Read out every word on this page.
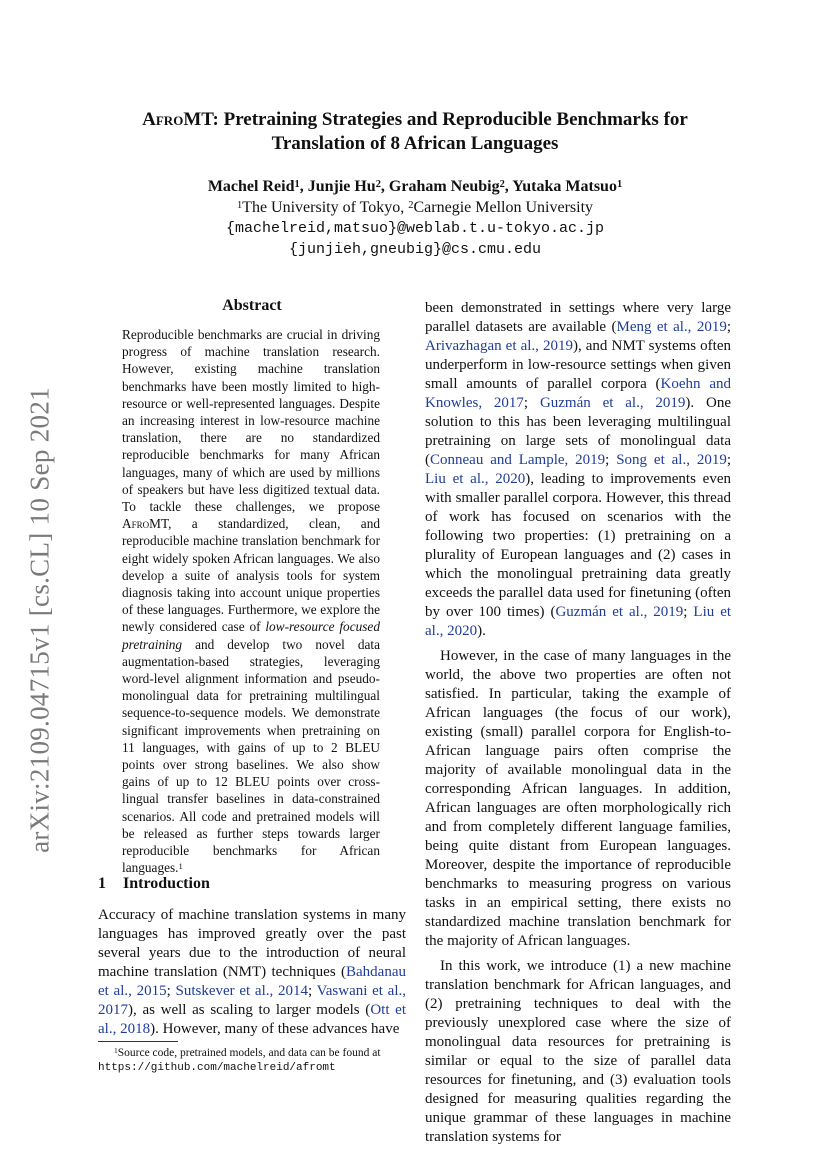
arXiv:2109.04715v1 [cs.CL] 10 Sep 2021
AfroMT: Pretraining Strategies and Reproducible Benchmarks for
Translation of 8 African Languages
Machel Reid$^1$, Junjie Hu$^2$, Graham Neubig$^2$, Yutaka Matsuo$^1$
$^1$The University of Tokyo, $^2$Carnegie Mellon University
{machelreid,matsuo}@weblab.t.u-tokyo.ac.jp
{junjieh,gneubig}@cs.cmu.edu
Abstract
Reproducible benchmarks are crucial in driving progress of machine translation research. However, existing machine translation benchmarks have been mostly limited to high-resource or well-represented languages. Despite an increasing interest in low-resource machine translation, there are no standardized reproducible benchmarks for many African languages, many of which are used by millions of speakers but have less digitized textual data. To tackle these challenges, we propose AfroMT, a standardized, clean, and reproducible machine translation benchmark for eight widely spoken African languages. We also develop a suite of analysis tools for system diagnosis taking into account unique properties of these languages. Furthermore, we explore the newly considered case of low-resource focused pretraining and develop two novel data augmentation-based strategies, leveraging word-level alignment information and pseudo-monolingual data for pretraining multilingual sequence-to-sequence models. We demonstrate significant improvements when pretraining on 11 languages, with gains of up to 2 BLEU points over strong baselines. We also show gains of up to 12 BLEU points over cross-lingual transfer baselines in data-constrained scenarios. All code and pretrained models will be released as further steps towards larger reproducible benchmarks for African languages.$^1$
1 Introduction
Accuracy of machine translation systems in many languages has improved greatly over the past several years due to the introduction of neural machine translation (NMT) techniques (Bahdanau et al., 2015; Sutskever et al., 2014; Vaswani et al., 2017), as well as scaling to larger models (Ott et al., 2018). However, many of these advances have
$^1$Source code, pretrained models, and data can be found at
https://github.com/machelreid/afromt

been demonstrated in settings where very large parallel datasets are available (Meng et al., 2019; Arivazhagan et al., 2019), and NMT systems often underperform in low-resource settings when given small amounts of parallel corpora (Koehn and Knowles, 2017; Guzmán et al., 2019). One solution to this has been leveraging multilingual pretraining on large sets of monolingual data (Conneau and Lample, 2019; Song et al., 2019; Liu et al., 2020), leading to improvements even with smaller parallel corpora. However, this thread of work has focused on scenarios with the following two properties: (1) pretraining on a plurality of European languages and (2) cases in which the monolingual pretraining data greatly exceeds the parallel data used for finetuning (often by over 100 times) (Guzmán et al., 2019; Liu et al., 2020).

However, in the case of many languages in the world, the above two properties are often not satisfied. In particular, taking the example of African languages (the focus of our work), existing (small) parallel corpora for English-to-African language pairs often comprise the majority of available monolingual data in the corresponding African languages. In addition, African languages are often morphologically rich and from completely different language families, being quite distant from European languages. Moreover, despite the importance of reproducible benchmarks to measuring progress on various tasks in an empirical setting, there exists no standardized machine translation benchmark for the majority of African languages.

In this work, we introduce (1) a new machine translation benchmark for African languages, and (2) pretraining techniques to deal with the previously unexplored case where the size of monolingual data resources for pretraining is similar or equal to the size of parallel data resources for finetuning, and (3) evaluation tools designed for measuring qualities regarding the unique grammar of these languages in machine translation systems for
